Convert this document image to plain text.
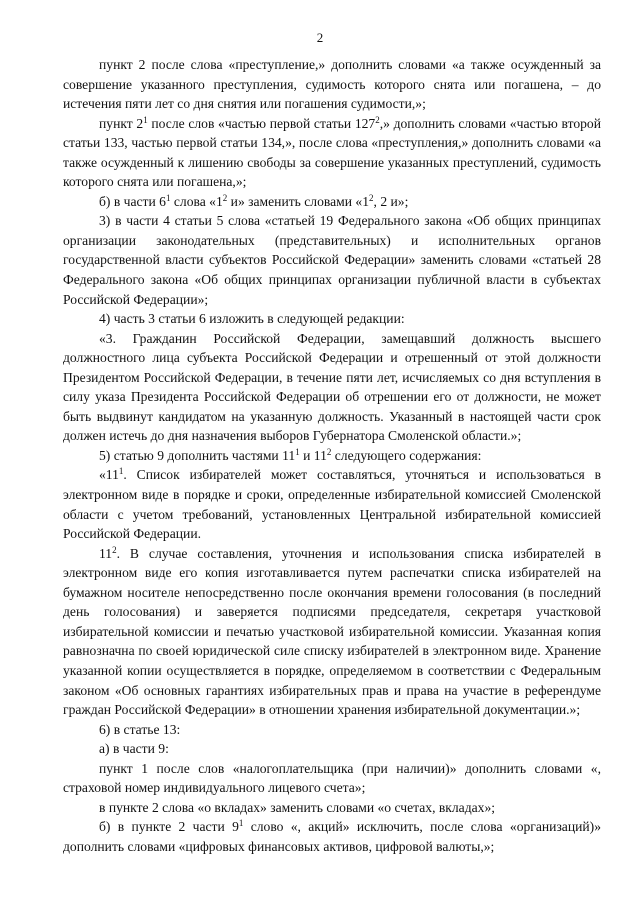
2

пункт 2 после слова «преступление,» дополнить словами «а также осужденный за совершение указанного преступления, судимость которого снята или погашена, – до истечения пяти лет со дня снятия или погашения судимости,»;

пункт $2^1$ после слов «частью первой статьи $127^2$,» дополнить словами «частью второй статьи 133, частью первой статьи 134,», после слова «преступления,» дополнить словами «а также осужденный к лишению свободы за совершение указанных преступлений, судимость которого снята или погашена,»;

б) в части $6^1$ слова «$1^2$ и» заменить словами «$1^2$, 2 и»;

3) в части 4 статьи 5 слова «статьей 19 Федерального закона «Об общих принципах организации законодательных (представительных) и исполнительных органов государственной власти субъектов Российской Федерации» заменить словами «статьей 28 Федерального закона «Об общих принципах организации публичной власти в субъектах Российской Федерации»;

4) часть 3 статьи 6 изложить в следующей редакции:

«3. Гражданин Российской Федерации, замещавший должность высшего должностного лица субъекта Российской Федерации и отрешенный от этой должности Президентом Российской Федерации, в течение пяти лет, исчисляемых со дня вступления в силу указа Президента Российской Федерации об отрешении его от должности, не может быть выдвинут кандидатом на указанную должность. Указанный в настоящей части срок должен истечь до дня назначения выборов Губернатора Смоленской области.»;

5) статью 9 дополнить частями $11^1$ и $11^2$ следующего содержания:

«$11^1$. Список избирателей может составляться, уточняться и использоваться в электронном виде в порядке и сроки, определенные избирательной комиссией Смоленской области с учетом требований, установленных Центральной избирательной комиссией Российской Федерации.

$11^2$. В случае составления, уточнения и использования списка избирателей в электронном виде его копия изготавливается путем распечатки списка избирателей на бумажном носителе непосредственно после окончания времени голосования (в последний день голосования) и заверяется подписями председателя, секретаря участковой избирательной комиссии и печатью участковой избирательной комиссии. Указанная копия равнозначна по своей юридической силе списку избирателей в электронном виде. Хранение указанной копии осуществляется в порядке, определяемом в соответствии с Федеральным законом «Об основных гарантиях избирательных прав и права на участие в референдуме граждан Российской Федерации» в отношении хранения избирательной документации.»;

6) в статье 13:

а) в части 9:

пункт 1 после слов «налогоплательщика (при наличии)» дополнить словами «, страховой номер индивидуального лицевого счета»;

в пункте 2 слова «о вкладах» заменить словами «о счетах, вкладах»;

б) в пункте 2 части $9^1$ слово «, акций» исключить, после слова «организаций)» дополнить словами «цифровых финансовых активов, цифровой валюты,»;
